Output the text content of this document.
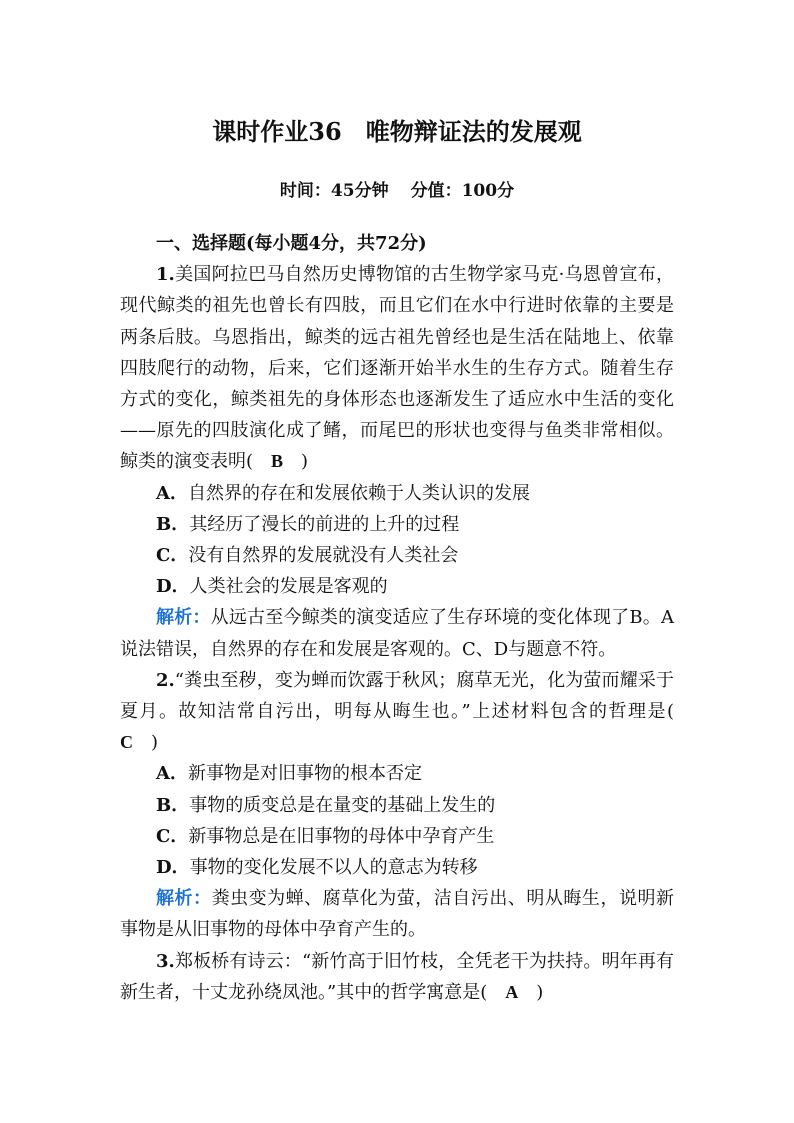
课时作业36　唯物辩证法的发展观
时间：45分钟 分值：100分

一、选择题(每小题4分，共72分)

1.美国阿拉巴马自然历史博物馆的古生物学家马克·乌恩曾宣布，现代鲸类的祖先也曾长有四肢，而且它们在水中行进时依靠的主要是两条后肢。乌恩指出，鲸类的远古祖先曾经也是生活在陆地上、依靠四肢爬行的动物，后来，它们逐渐开始半水生的生存方式。随着生存方式的变化，鲸类祖先的身体形态也逐渐发生了适应水中生活的变化——原先的四肢演化成了鳍，而尾巴的形状也变得与鱼类非常相似。鲸类的演变表明(　B　)

A．自然界的存在和发展依赖于人类认识的发展

B．其经历了漫长的前进的上升的过程

C．没有自然界的发展就没有人类社会

D．人类社会的发展是客观的

解析：从远古至今鲸类的演变适应了生存环境的变化体现了B。A说法错误，自然界的存在和发展是客观的。C、D与题意不符。

2.“粪虫至秽，变为蝉而饮露于秋风；腐草无光，化为萤而耀采于夏月。故知洁常自污出，明每从晦生也。”上述材料包含的哲理是(　C　)

A．新事物是对旧事物的根本否定

B．事物的质变总是在量变的基础上发生的

C．新事物总是在旧事物的母体中孕育产生

D．事物的变化发展不以人的意志为转移

解析：粪虫变为蝉、腐草化为萤，洁自污出、明从晦生，说明新事物是从旧事物的母体中孕育产生的。

3.郑板桥有诗云：“新竹高于旧竹枝，全凭老干为扶持。明年再有新生者，十丈龙孙绕凤池。”其中的哲学寓意是(　A　)
